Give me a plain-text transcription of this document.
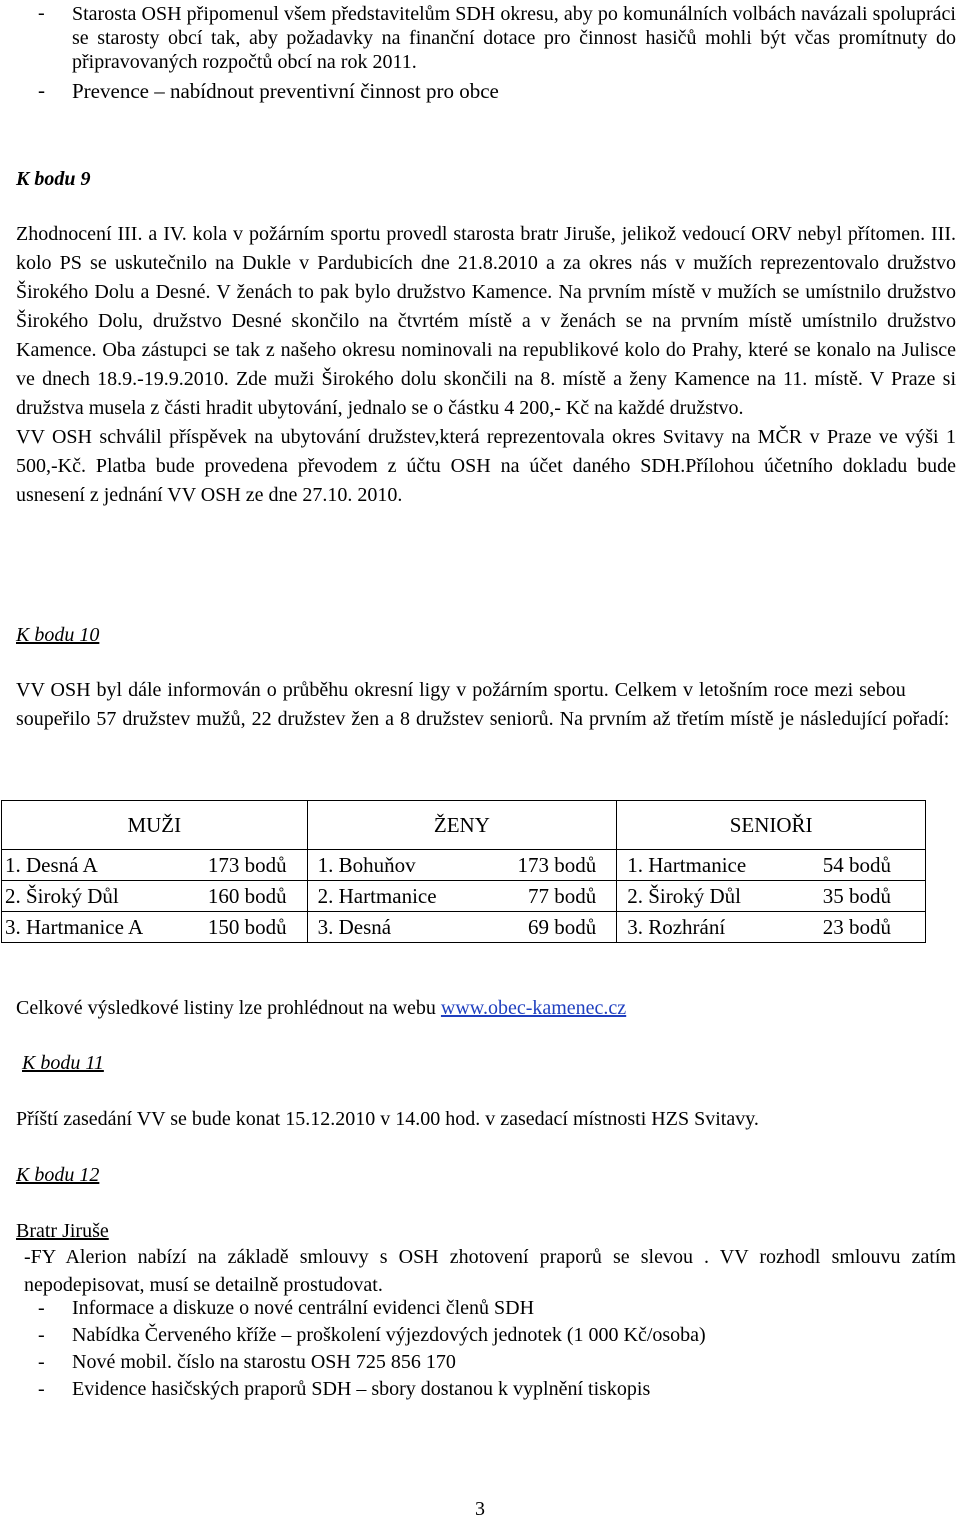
-	Starosta OSH připomenul všem představitelům SDH okresu, aby po komunálních volbách navázali spolupráci se starosty obcí tak, aby požadavky na finanční dotace pro činnost hasičů mohli být včas promítnuty do připravovaných rozpočtů obcí na rok 2011.
-	Prevence – nabídnout preventivní činnost pro obce
K bodu 9

Zhodnocení III. a IV. kola v požárním sportu provedl starosta bratr Jiruše, jelikož vedoucí ORV nebyl přítomen. III. kolo PS se uskutečnilo na Dukle v Pardubicích dne 21.8.2010 a za okres nás v mužích reprezentovalo družstvo Širokého Dolu a Desné. V ženách to pak bylo družstvo Kamence. Na prvním místě v mužích se umístnilo družstvo Širokého Dolu, družstvo Desné skončilo na čtvrtém místě a v ženách se na prvním místě umístnilo družstvo Kamence. Oba zástupci se tak z našeho okresu nominovali na republikové kolo do Prahy, které se konalo na Julisce ve dnech 18.9.-19.9.2010. Zde muži Širokého dolu skončili na 8. místě a ženy Kamence na 11. místě. V Praze si družstva musela z části hradit ubytování, jednalo se o částku 4 200,- Kč na každé družstvo.

VV OSH schválil příspěvek na ubytování družstev,která reprezentovala okres Svitavy na MČR v Praze ve výši 1 500,-Kč. Platba bude provedena převodem z účtu OSH na účet daného SDH.Přílohou účetního dokladu bude usnesení z jednání VV OSH ze dne 27.10. 2010.

K bodu 10

VV OSH byl dále informován o průběhu okresní ligy v požárním sportu. Celkem v letošním roce mezi sebou soupeřilo 57 družstev mužů, 22 družstev žen a 8 družstev seniorů. Na prvním až třetím místě je následující pořadí:

MUŽI	ŽENY	SENIOŘI

1. Desná A 173 bodů	1. Bohuňov 173 bodů	1. Hartmanice 54 bodů

2. Široký Důl 160 bodů	2. Hartmanice 77 bodů	2. Široký Důl 35 bodů

3. Hartmanice A 150 bodů	3. Desná 69 bodů	3. Rozhrání 23 bodů
Celkové výsledkové listiny lze prohlédnout na webu www.obec-kamenec.cz
K bodu 11
Příští zasedání VV se bude konat 15.12.2010 v 14.00 hod. v zasedací místnosti HZS Svitavy.
K bodu 12
Bratr Jiruše

-FY Alerion nabízí na základě smlouvy s OSH zhotovení praporů se slevou . VV rozhodl smlouvu zatím nepodepisovat, musí se detailně prostudovat.

-	Informace a diskuze o nové centrální evidenci členů SDH
-	Nabídka Červeného kříže – proškolení výjezdových jednotek (1 000 Kč/osoba)
-	Nové mobil. číslo na starostu OSH 725 856 170
-	Evidence hasičských praporů SDH – sbory dostanou k vyplnění tiskopis
3
